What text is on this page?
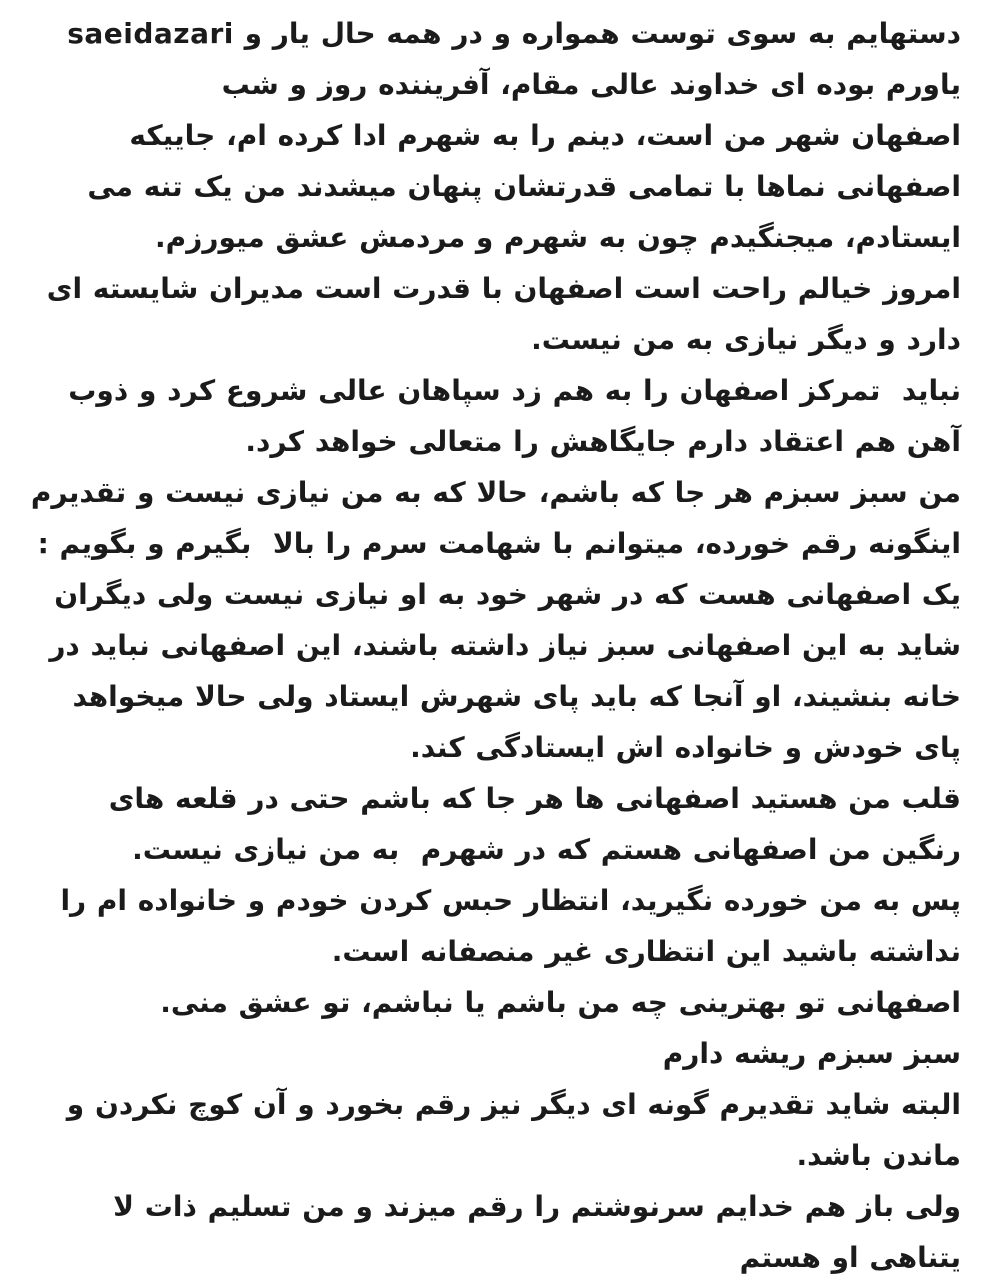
saeidazari دستهایم به سوی توست همواره و در همه حال یار و یاورم بوده ای خداوند عالی مقام، آفریننده روز و شب

اصفهان شهر من است، دینم را به شهرم ادا کرده ام، جاییکه اصفهانی نماها با تمامی قدرتشان پنهان میشدند من یک تنه می ایستادم، میجنگیدم چون به شهرم و مردمش عشق میورزم.

امروز خیالم راحت است اصفهان با قدرت است مدیران شایسته ای دارد و دیگر نیازی به من نیست.

نباید  تمرکز اصفهان را به هم زد سپاهان عالی شروع کرد و ذوب آهن هم اعتقاد دارم جایگاهش را متعالی خواهد کرد.

من سبز سبزم هر جا که باشم، حالا که به من نیازی نیست و تقدیرم اینگونه رقم خورده، میتوانم با شهامت سرم را بالا  بگیرم و بگویم :

یک اصفهانی هست که در شهر خود به او نیازی نیست ولی دیگران شاید به این اصفهانی سبز نیاز داشته باشند، این اصفهانی نباید در خانه بنشیند، او آنجا که باید پای شهرش ایستاد ولی حالا میخواهد پای خودش و خانواده اش ایستادگی کند.

قلب من هستید اصفهانی ها هر جا که باشم حتی در قلعه های رنگین من اصفهانی هستم که در شهرم  به من نیازی نیست.

پس به من خورده نگیرید، انتظار حبس کردن خودم و خانواده ام را نداشته باشید این انتظاری غیر منصفانه است.

اصفهانی تو بهترینی چه من باشم یا نباشم، تو عشق منی.

سبز سبزم ریشه دارم

البته شاید تقدیرم گونه ای دیگر نیز رقم بخورد و آن کوچ نکردن و ماندن باشد.

ولی باز هم خدایم سرنوشتم را رقم میزند و من تسلیم ذات لا یتناهی او هستم
